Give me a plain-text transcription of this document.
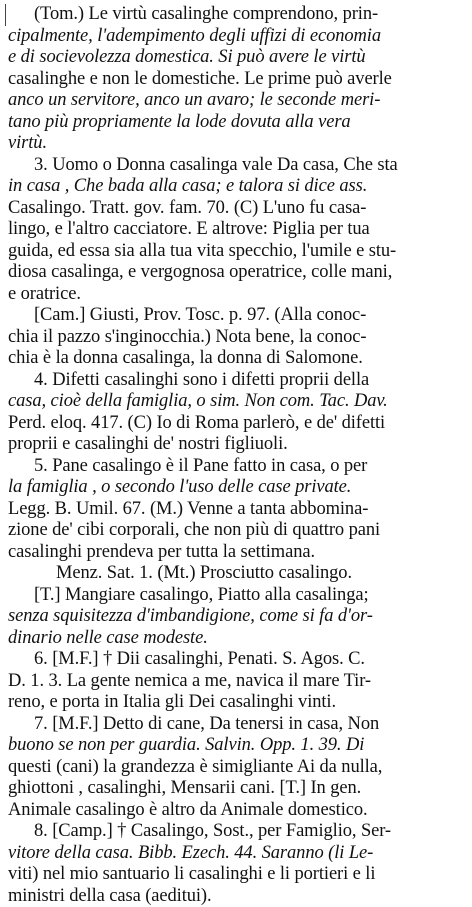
(Tom.) Le virtù casalinghe comprendono, prin-
cipalmente, l'adempimento degli uffizi di economia
e di socievolezza domestica. Si può avere le virtù
casalinghe e non le domestiche. Le prime può averle
anco un servitore, anco un avaro; le seconde meri-
tano più propriamente la lode dovuta alla vera
virtù.
3. Uomo o Donna casalinga vale Da casa, Che sta
in casa , Che bada alla casa; e talora si dice ass.
Casalingo. Tratt. gov. fam. 70. (C) L'uno fu casa-
lingo, e l'altro cacciatore. E altrove: Piglia per tua
guida, ed essa sia alla tua vita specchio, l'umile e stu-
diosa casalinga, e vergognosa operatrice, colle mani,
e oratrice.
[Cam.] Giusti, Prov. Tosc. p. 97. (Alla conoc-
chia il pazzo s'inginocchia.) Nota bene, la conoc-
chia è la donna casalinga, la donna di Salomone.
4. Difetti casalinghi sono i difetti proprii della
casa, cioè della famiglia, o sim. Non com. Tac. Dav.
Perd. eloq. 417. (C) Io di Roma parlerò, e de' difetti
proprii e casalinghi de' nostri figliuoli.
5. Pane casalingo è il Pane fatto in casa, o per
la famiglia , o secondo l'uso delle case private.
Legg. B. Umil. 67. (M.) Venne a tanta abbomina-
zione de' cibi corporali, che non più di quattro pani
casalinghi prendeva per tutta la settimana.
Menz. Sat. 1. (Mt.) Prosciutto casalingo.
[T.] Mangiare casalingo, Piatto alla casalinga;
senza squisitezza d'imbandigione, come si fa d'or-
dinario nelle case modeste.
6. [M.F.] † Dii casalinghi, Penati. S. Agos. C.
D. 1. 3. La gente nemica a me, navica il mare Tir-
reno, e porta in Italia gli Dei casalinghi vinti.
7. [M.F.] Detto di cane, Da tenersi in casa, Non
buono se non per guardia. Salvin. Opp. 1. 39. Di
questi (cani) la grandezza è simigliante Ai da nulla,
ghiottoni , casalinghi, Mensarii cani. [T.] In gen.
Animale casalingo è altro da Animale domestico.
8. [Camp.] † Casalingo, Sost., per Famiglio, Ser-
vitore della casa. Bibb. Ezech. 44. Saranno (li Le-
viti) nel mio santuario li casalinghi e li portieri e li
ministri della casa (aeditui).
